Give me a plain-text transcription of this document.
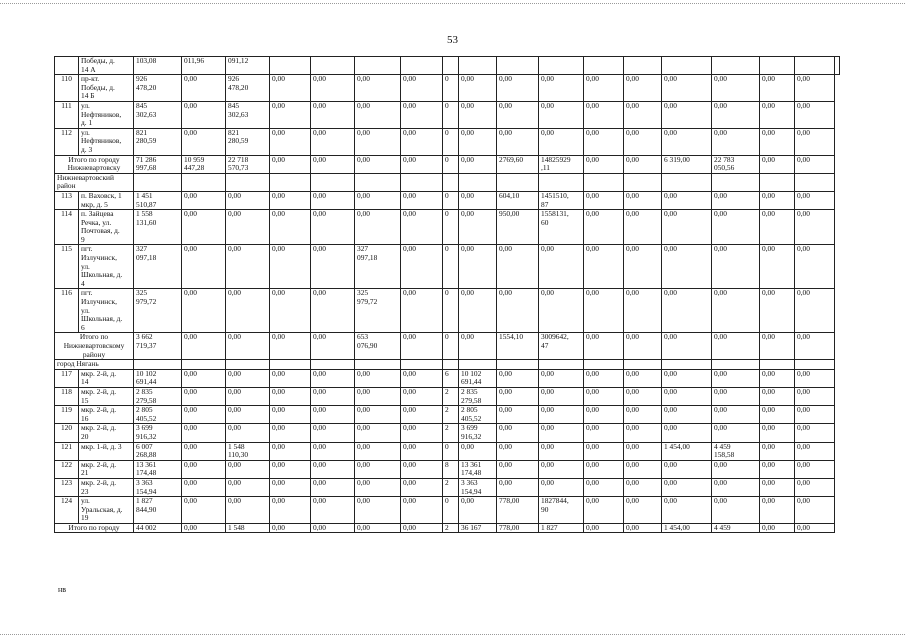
53
	Победы, д.
14 А	103,08	011,96	091,12															
110	пр-кт.
Победы, д.
14 Б	926
478,20	0,00	926
478,20	0,00	0,00	0,00	0,00	0	0,00	0,00	0,00	0,00	0,00	0,00	0,00	0,00	0,00	
111	ул.
Нефтяников,
д. 1	845
302,63	0,00	845
302,63	0,00	0,00	0,00	0,00	0	0,00	0,00	0,00	0,00	0,00	0,00	0,00	0,00	0,00	
112	ул.
Нефтяников,
д. 3	821
280,59	0,00	821
280,59	0,00	0,00	0,00	0,00	0	0,00	0,00	0,00	0,00	0,00	0,00	0,00	0,00	0,00	
Итого по городу
Нижневартовску		71 286
997,68	10 959
447,28	22 718
570,73	0,00	0,00	0,00	0,00	0	0,00	2769,60	14825929
,11	0,00	0,00	6 319,00	22 783
050,56	0,00	0,00	
Нижневартовский район																			
113	п. Ваховск, 1
мкр, д. 5	1 451
510,87	0,00	0,00	0,00	0,00	0,00	0,00	0	0,00	604,10	1451510,
87	0,00	0,00	0,00	0,00	0,00	0,00	
114	п. Зайцева
Речка, ул.
Почтовая, д.
9	1 558
131,60	0,00	0,00	0,00	0,00	0,00	0,00	0	0,00	950,00	1558131,
60	0,00	0,00	0,00	0,00	0,00	0,00	
115	пгт.
Излучинск,
ул.
Школьная, д.
4	327
097,18	0,00	0,00	0,00	0,00	327
097,18	0,00	0	0,00	0,00	0,00	0,00	0,00	0,00	0,00	0,00	0,00	
116	пгт.
Излучинск,
ул.
Школьная, д.
6	325
979,72	0,00	0,00	0,00	0,00	325
979,72	0,00	0	0,00	0,00	0,00	0,00	0,00	0,00	0,00	0,00	0,00	
Итого по
Нижневартовскому
району		3 662
719,37	0,00	0,00	0,00	0,00	653
076,90	0,00	0	0,00	1554,10	3009642,
47	0,00	0,00	0,00	0,00	0,00	0,00	
город Нягань																			
117	мкр. 2-й, д.
14	10 102
691,44	0,00	0,00	0,00	0,00	0,00	0,00	6	10 102
691,44	0,00	0,00	0,00	0,00	0,00	0,00	0,00	0,00	
118	мкр. 2-й, д.
15	2 835
279,58	0,00	0,00	0,00	0,00	0,00	0,00	2	2 835
279,58	0,00	0,00	0,00	0,00	0,00	0,00	0,00	0,00	
119	мкр. 2-й, д.
16	2 805
405,52	0,00	0,00	0,00	0,00	0,00	0,00	2	2 805
405,52	0,00	0,00	0,00	0,00	0,00	0,00	0,00	0,00	
120	мкр. 2-й, д.
20	3 699
916,32	0,00	0,00	0,00	0,00	0,00	0,00	2	3 699
916,32	0,00	0,00	0,00	0,00	0,00	0,00	0,00	0,00	
121	мкр. 1-й, д. 3	6 007
268,88	0,00	1 548
110,30	0,00	0,00	0,00	0,00	0	0,00	0,00	0,00	0,00	0,00	1 454,00	4 459
158,58	0,00	0,00	
122	мкр. 2-й, д.
21	13 361
174,48	0,00	0,00	0,00	0,00	0,00	0,00	8	13 361
174,48	0,00	0,00	0,00	0,00	0,00	0,00	0,00	0,00	
123	мкр. 2-й, д.
23	3 363
154,94	0,00	0,00	0,00	0,00	0,00	0,00	2	3 363
154,94	0,00	0,00	0,00	0,00	0,00	0,00	0,00	0,00	
124	ул.
Уральская, д.
19	1 827
844,90	0,00	0,00	0,00	0,00	0,00	0,00	0	0,00	778,00	1827844,
90	0,00	0,00	0,00	0,00	0,00	0,00	
Итого по городу		44 002	0,00	1 548	0,00	0,00	0,00	0,00	2	36 167	778,00	1 827	0,00	0,00	1 454,00	4 459	0,00	0,00	
нв
